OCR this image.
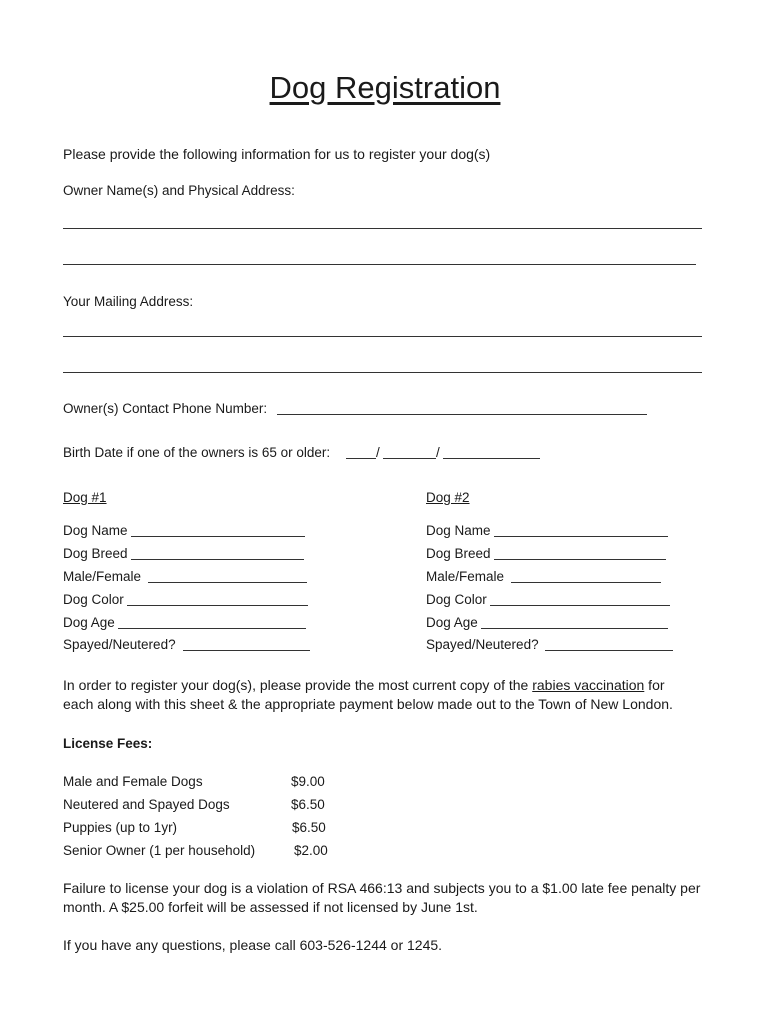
Dog Registration
Please provide the following information for us to register your dog(s)
Owner Name(s) and Physical Address:
Your Mailing Address:
Owner(s) Contact Phone Number:
Birth Date if one of the owners is 65 or older:	/	/
Dog #1
Dog Name
Dog Breed
Male/Female
Dog Color
Dog Age
Spayed/Neutered?
Dog #2
Dog Name
Dog Breed
Male/Female
Dog Color
Dog Age
Spayed/Neutered?
In order to register your dog(s), please provide the most current copy of the rabies vaccination for
each along with this sheet & the appropriate payment below made out to the Town of New London.
License Fees:
Male and Female Dogs	$9.00
Neutered and Spayed Dogs	$6.50
Puppies (up to 1yr)	$6.50
Senior Owner (1 per household)	$2.00
Failure to license your dog is a violation of RSA 466:13 and subjects you to a $1.00 late fee penalty per
month. A $25.00 forfeit will be assessed if not licensed by June 1st.
If you have any questions, please call 603-526-1244 or 1245.
